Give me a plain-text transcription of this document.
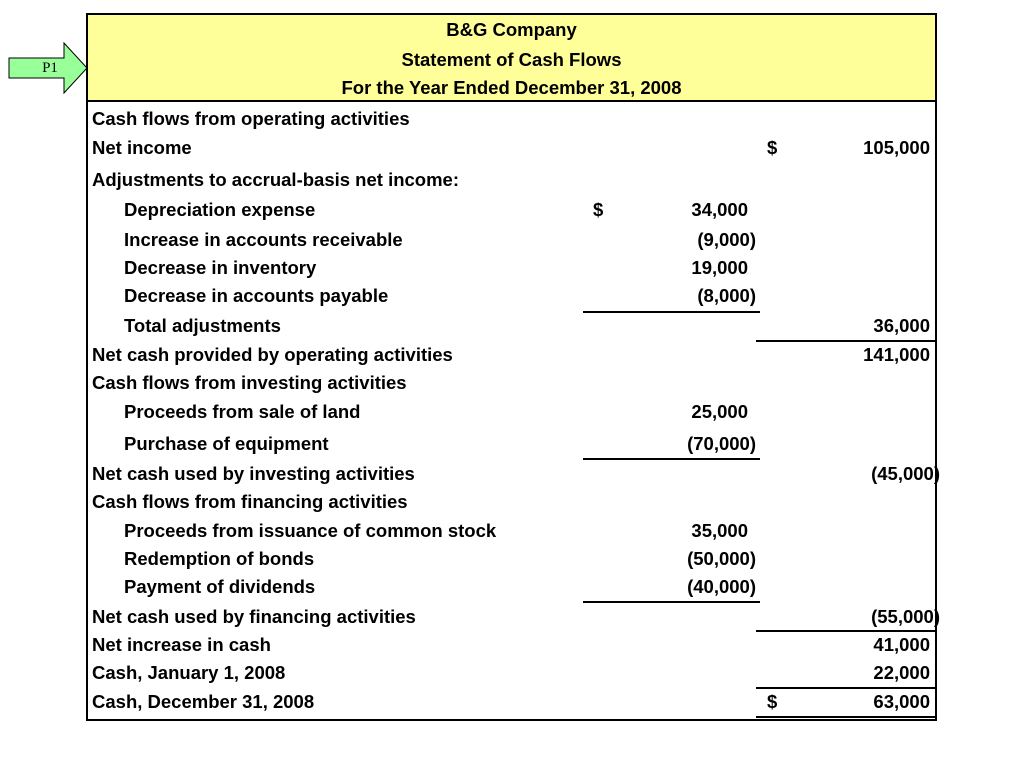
P1
B&G Company
Statement of Cash Flows
For the Year Ended December 31, 2008
Cash flows from operating activities
Net income	$	105,000
Adjustments to accrual-basis net income:
Depreciation expense	$	34,000
Increase in accounts receivable	(9,000)
Decrease in inventory	19,000
Decrease in accounts payable	(8,000)
Total adjustments	36,000
Net cash provided by operating activities	141,000
Cash flows from investing activities
Proceeds from sale of land	25,000
Purchase of equipment	(70,000)
Net cash used by investing activities	(45,000)
Cash flows from financing activities
Proceeds from issuance of common stock	35,000
Redemption of bonds	(50,000)
Payment of dividends	(40,000)
Net cash used by financing activities	(55,000)
Net increase in cash	41,000
Cash, January 1, 2008	22,000
Cash, December 31, 2008	$	63,000
